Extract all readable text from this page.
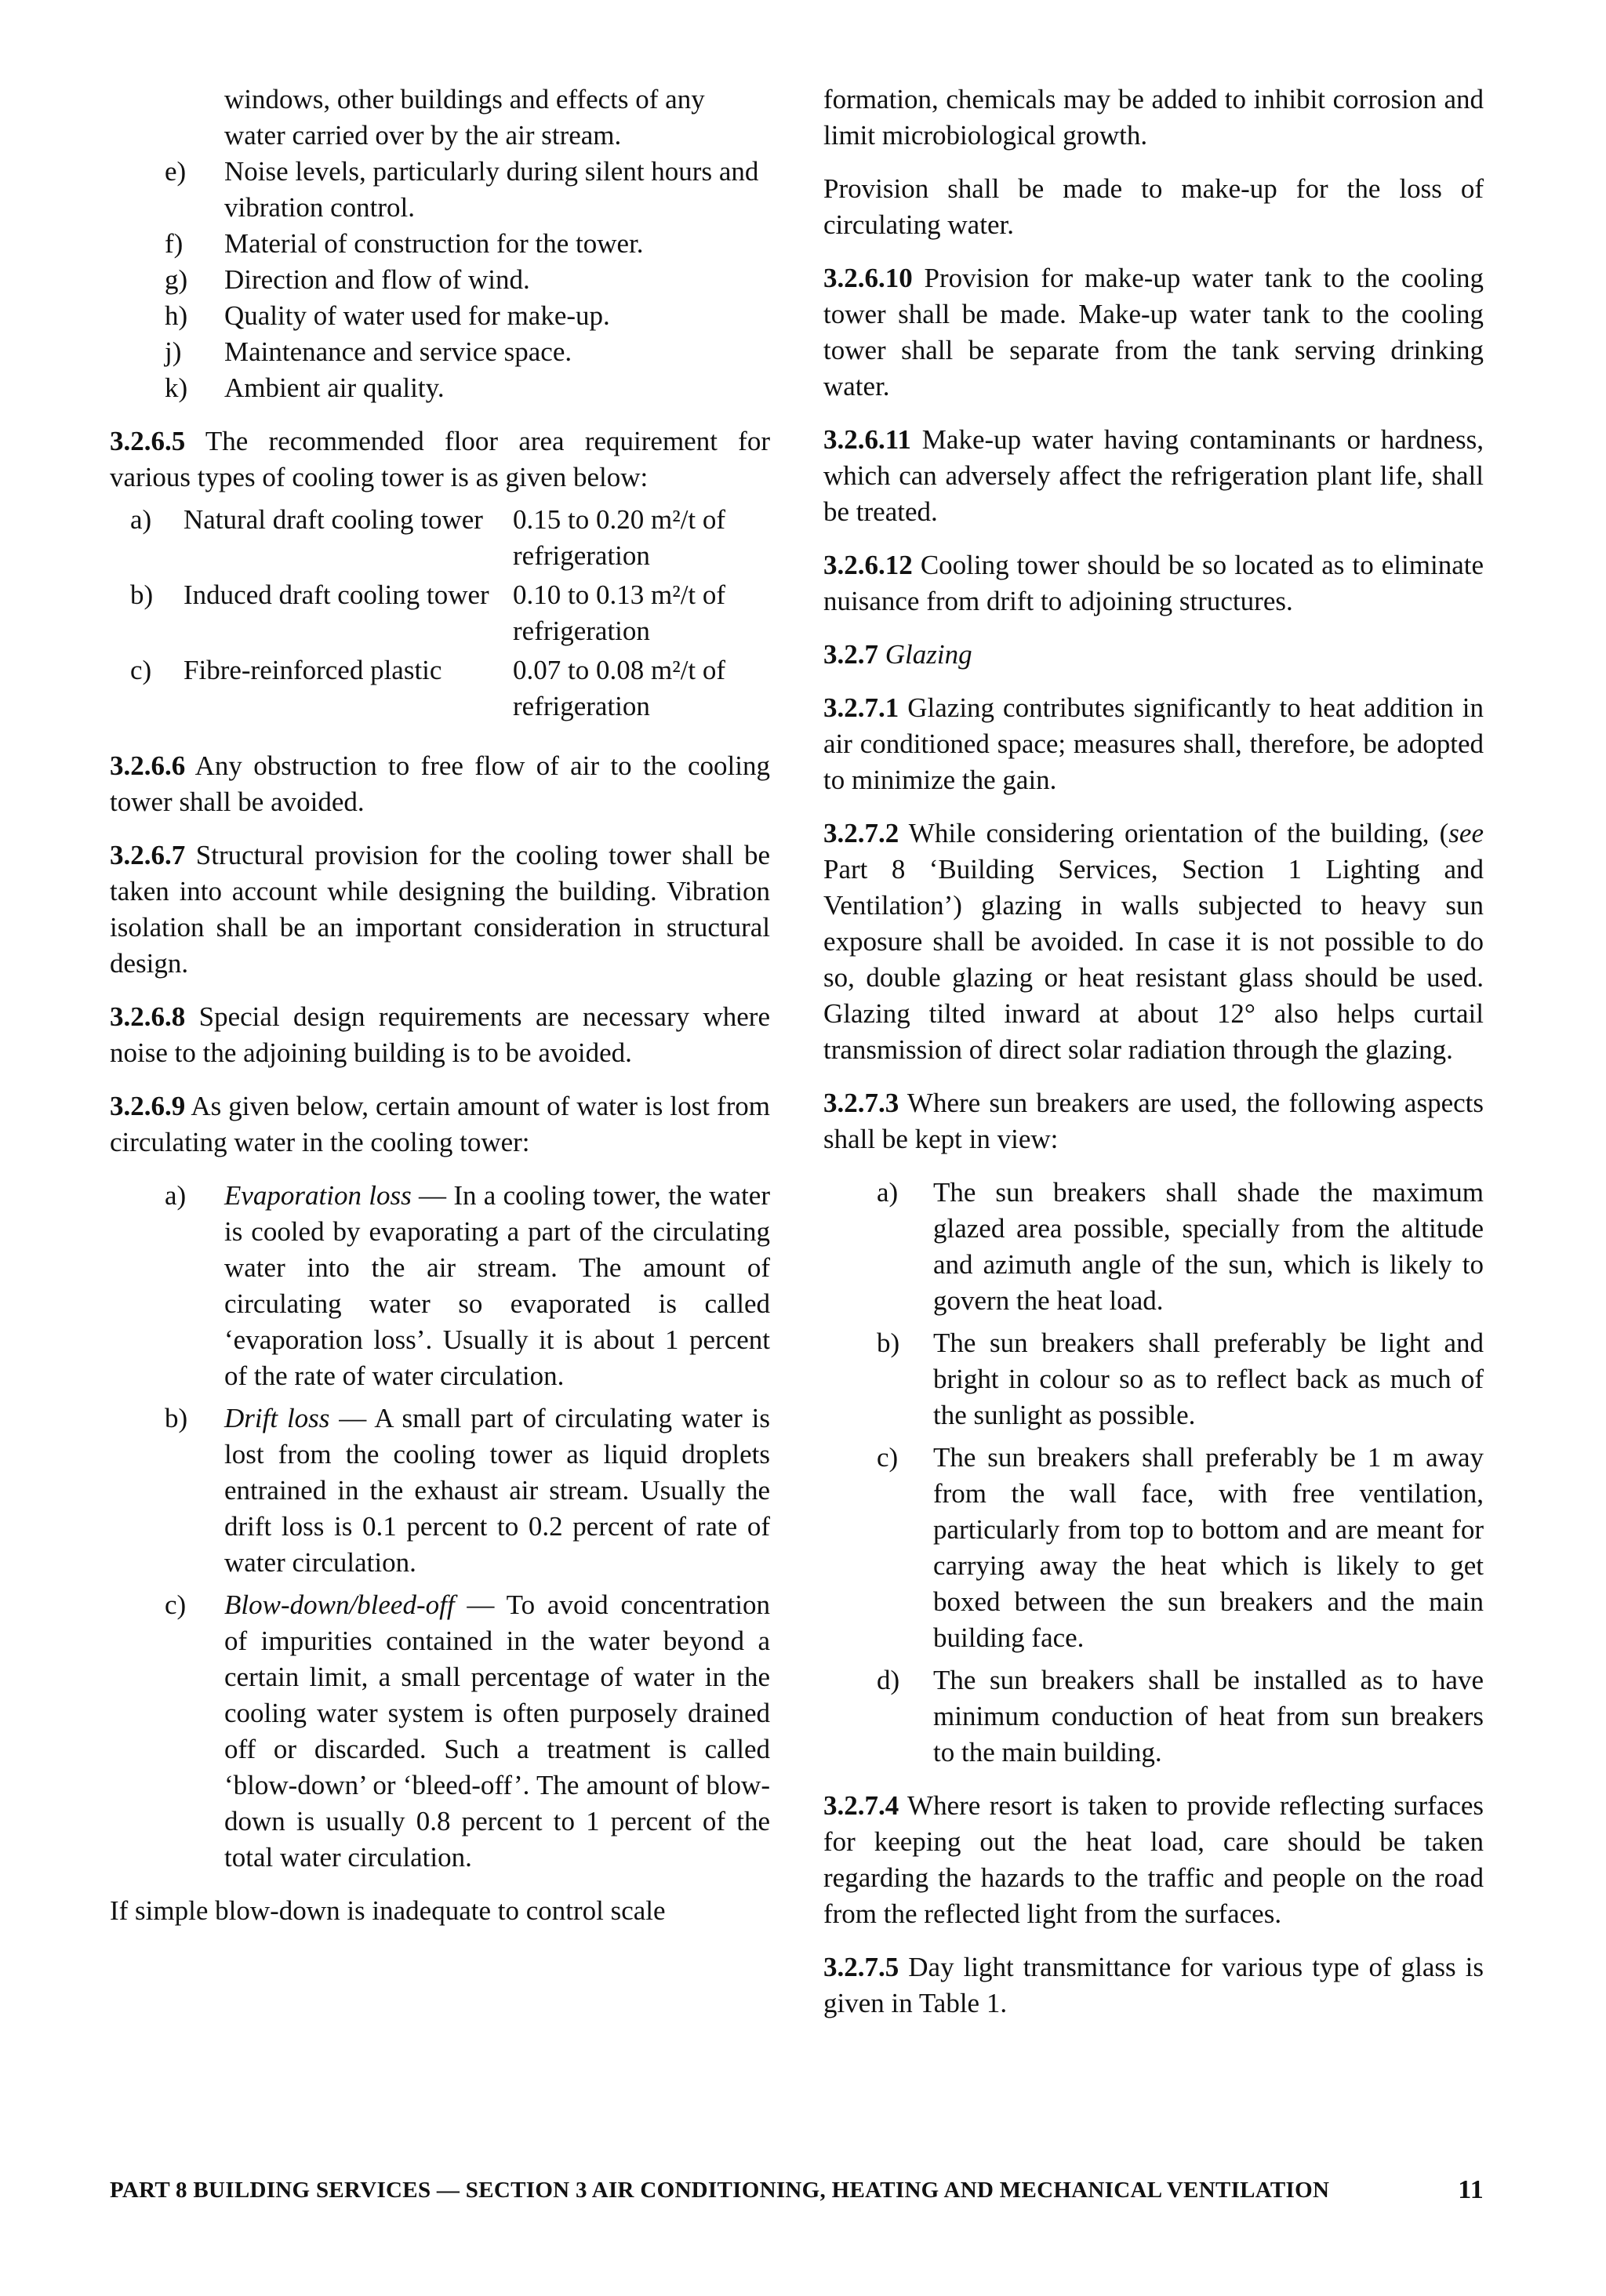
windows, other buildings and effects of any water carried over by the air stream.
e)	Noise levels, particularly during silent hours and vibration control.
f)	Material of construction for the tower.
g)	Direction and flow of wind.
h)	Quality of water used for make-up.
j)	Maintenance and service space.
k)	Ambient air quality.

3.2.6.5 The recommended floor area requirement for various types of cooling tower is as given below:

a)	Natural draft cooling tower	0.15 to 0.20 m²/t of refrigeration
b)	Induced draft cooling tower 0.10 to 0.13 m²/t of refrigeration
c)	Fibre-reinforced plastic	0.07 to 0.08 m²/t of refrigeration

3.2.6.6 Any obstruction to free flow of air to the cooling tower shall be avoided.

3.2.6.7 Structural provision for the cooling tower shall be taken into account while designing the building. Vibration isolation shall be an important consideration in structural design.

3.2.6.8 Special design requirements are necessary where noise to the adjoining building is to be avoided.

3.2.6.9 As given below, certain amount of water is lost from circulating water in the cooling tower:

a)	Evaporation loss — In a cooling tower, the water is cooled by evaporating a part of the circulating water into the air stream. The amount of circulating water so evaporated is called ‘evaporation loss’. Usually it is about 1 percent of the rate of water circulation.
b)	Drift loss — A small part of circulating water is lost from the cooling tower as liquid droplets entrained in the exhaust air stream. Usually the drift loss is 0.1 percent to 0.2 percent of rate of water circulation.
c)	Blow-down/bleed-off — To avoid concentration of impurities contained in the water beyond a certain limit, a small percentage of water in the cooling water system is often purposely drained off or discarded. Such a treatment is called ‘blow-down’ or ‘bleed-off’. The amount of blow-down is usually 0.8 percent to 1 percent of the total water circulation.

If simple blow-down is inadequate to control scale

formation, chemicals may be added to inhibit corrosion and limit microbiological growth.

Provision shall be made to make-up for the loss of circulating water.

3.2.6.10 Provision for make-up water tank to the cooling tower shall be made. Make-up water tank to the cooling tower shall be separate from the tank serving drinking water.

3.2.6.11 Make-up water having contaminants or hardness, which can adversely affect the refrigeration plant life, shall be treated.

3.2.6.12 Cooling tower should be so located as to eliminate nuisance from drift to adjoining structures.

3.2.7 Glazing

3.2.7.1 Glazing contributes significantly to heat addition in air conditioned space; measures shall, therefore, be adopted to minimize the gain.

3.2.7.2 While considering orientation of the building, (see Part 8 ‘Building Services, Section 1 Lighting and Ventilation’) glazing in walls subjected to heavy sun exposure shall be avoided. In case it is not possible to do so, double glazing or heat resistant glass should be used. Glazing tilted inward at about 12° also helps curtail transmission of direct solar radiation through the glazing.

3.2.7.3 Where sun breakers are used, the following aspects shall be kept in view:

a)	The sun breakers shall shade the maximum glazed area possible, specially from the altitude and azimuth angle of the sun, which is likely to govern the heat load.
b)	The sun breakers shall preferably be light and bright in colour so as to reflect back as much of the sunlight as possible.
c)	The sun breakers shall preferably be 1 m away from the wall face, with free ventilation, particularly from top to bottom and are meant for carrying away the heat which is likely to get boxed between the sun breakers and the main building face.
d)	The sun breakers shall be installed as to have minimum conduction of heat from sun breakers to the main building.

3.2.7.4 Where resort is taken to provide reflecting surfaces for keeping out the heat load, care should be taken regarding the hazards to the traffic and people on the road from the reflected light from the surfaces.

3.2.7.5 Day light transmittance for various type of glass is given in Table 1.

PART 8 BUILDING SERVICES — SECTION 3 AIR CONDITIONING, HEATING AND MECHANICAL VENTILATION	11
